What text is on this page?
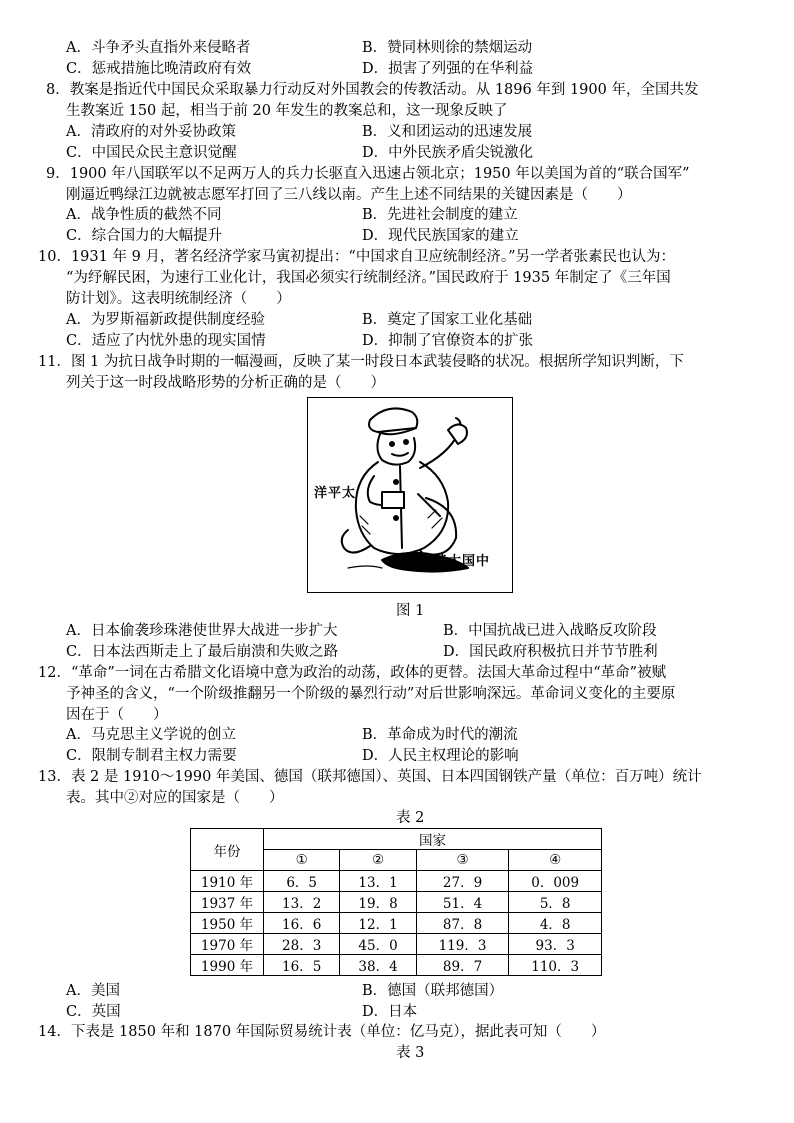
A．斗争矛头直指外来侵略者	B．赞同林则徐的禁烟运动
C．惩戒措施比晚清政府有效	D．损害了列强的在华利益
8．教案是指近代中国民众采取暴力行动反对外国教会的传教活动。从 1896 年到 1900 年，全国共发
生教案近 150 起，相当于前 20 年发生的教案总和，这一现象反映了
A．清政府的对外妥协政策	B．义和团运动的迅速发展
C．中国民众民主意识觉醒	D．中外民族矛盾尖锐激化
9．1900 年八国联军以不足两万人的兵力长驱直入迅速占领北京；1950 年以美国为首的“联合国军”
刚逼近鸭绿江边就被志愿军打回了三八线以南。产生上述不同结果的关键因素是（　　）
A．战争性质的截然不同	B．先进社会制度的建立
C．综合国力的大幅提升	D．现代民族国家的建立
10．1931 年 9 月，著名经济学家马寅初提出：“中国求自卫应统制经济。”另一学者张素民也认为：
“为纾解民困，为速行工业化计，我国必须实行统制经济。”国民政府于 1935 年制定了《三年国
防计划》。这表明统制经济（　　）
A．为罗斯福新政提供制度经验	B．奠定了国家工业化基础
C．适应了内忧外患的现实国情	D．抑制了官僚资本的扩张
11．图 1 为抗日战争时期的一幅漫画，反映了某一时段日本武装侵略的状况。根据所学知识判断，下
列关于这一时段战略形势的分析正确的是（　　）
洋平太
陸大国中
图 1
A．日本偷袭珍珠港使世界大战进一步扩大	B．中国抗战已进入战略反攻阶段
C．日本法西斯走上了最后崩溃和失败之路	D．国民政府积极抗日并节节胜利
12．“革命”一词在古希腊文化语境中意为政治的动荡，政体的更替。法国大革命过程中“革命”被赋
予神圣的含义，“一个阶级推翻另一个阶级的暴烈行动”对后世影响深远。革命词义变化的主要原
因在于（　　）
A．马克思主义学说的创立	B．革命成为时代的潮流
C．限制专制君主权力需要	D．人民主权理论的影响
13．表 2 是 1910～1990 年美国、德国（联邦德国）、英国、日本四国钢铁产量（单位：百万吨）统计
表。其中②对应的国家是（　　）
表 2
年份	国家			
	①	②	③	④
1910 年	6．5	13．1	27．9	0．009
1937 年	13．2	19．8	51．4	5．8
1950 年	16．6	12．1	87．8	4．8
1970 年	28．3	45．0	119．3	93．3
1990 年	16．5	38．4	89．7	110．3
A．美国	B．德国（联邦德国）
C．英国	D．日本
14．下表是 1850 年和 1870 年国际贸易统计表（单位：亿马克），据此表可知（　　）
表 3
